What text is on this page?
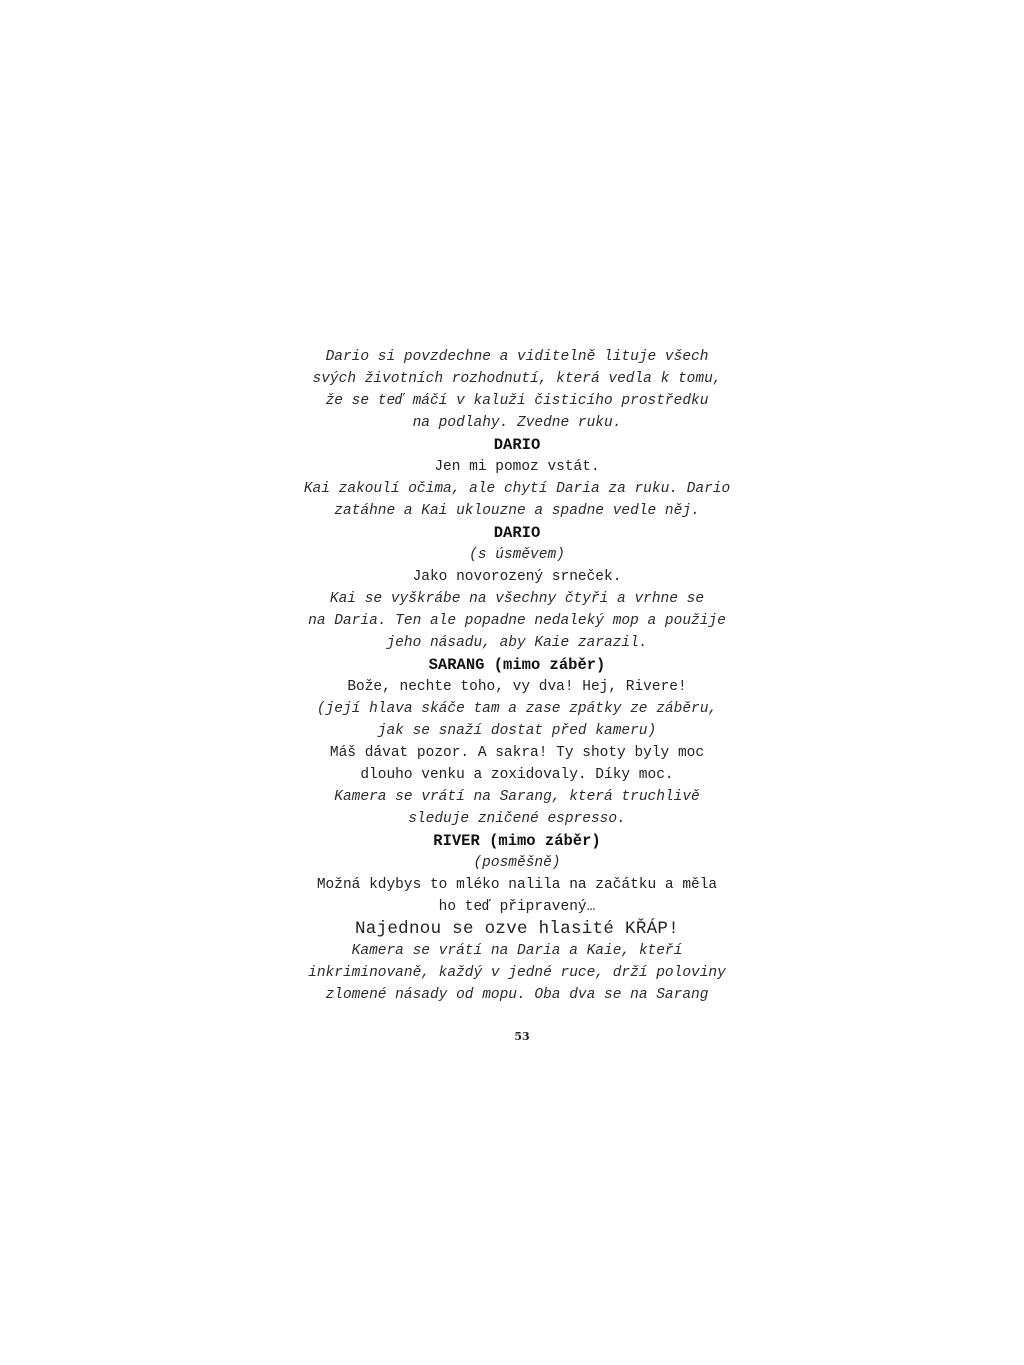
Dario si povzdechne a viditelně lituje všech
svých životních rozhodnutí, která vedla k tomu,
že se teď máčí v kaluži čisticího prostředku
na podlahy. Zvedne ruku.
DARIO
Jen mi pomoz vstát.
Kai zakoulí očima, ale chytí Daria za ruku. Dario
zatáhne a Kai uklouzne a spadne vedle něj.
DARIO
(s úsměvem)
Jako novorozený srneček.
Kai se vyškrábe na všechny čtyři a vrhne se
na Daria. Ten ale popadne nedaleký mop a použije
jeho násadu, aby Kaie zarazil.
SARANG (mimo záběr)
Bože, nechte toho, vy dva! Hej, Rivere!
(její hlava skáče tam a zase zpátky ze záběru,
jak se snaží dostat před kameru)
Máš dávat pozor. A sakra! Ty shoty byly moc
dlouho venku a zoxidovaly. Díky moc.
Kamera se vrátí na Sarang, která truchlivě
sleduje zničené espresso.
RIVER (mimo záběr)
(posměšně)
Možná kdybys to mléko nalila na začátku a měla
ho teď připravený…
Najednou se ozve hlasité KŘÁP!
Kamera se vrátí na Daria a Kaie, kteří
inkriminovaně, každý v jedné ruce, drží poloviny
zlomené násady od mopu. Oba dva se na Sarang
53
